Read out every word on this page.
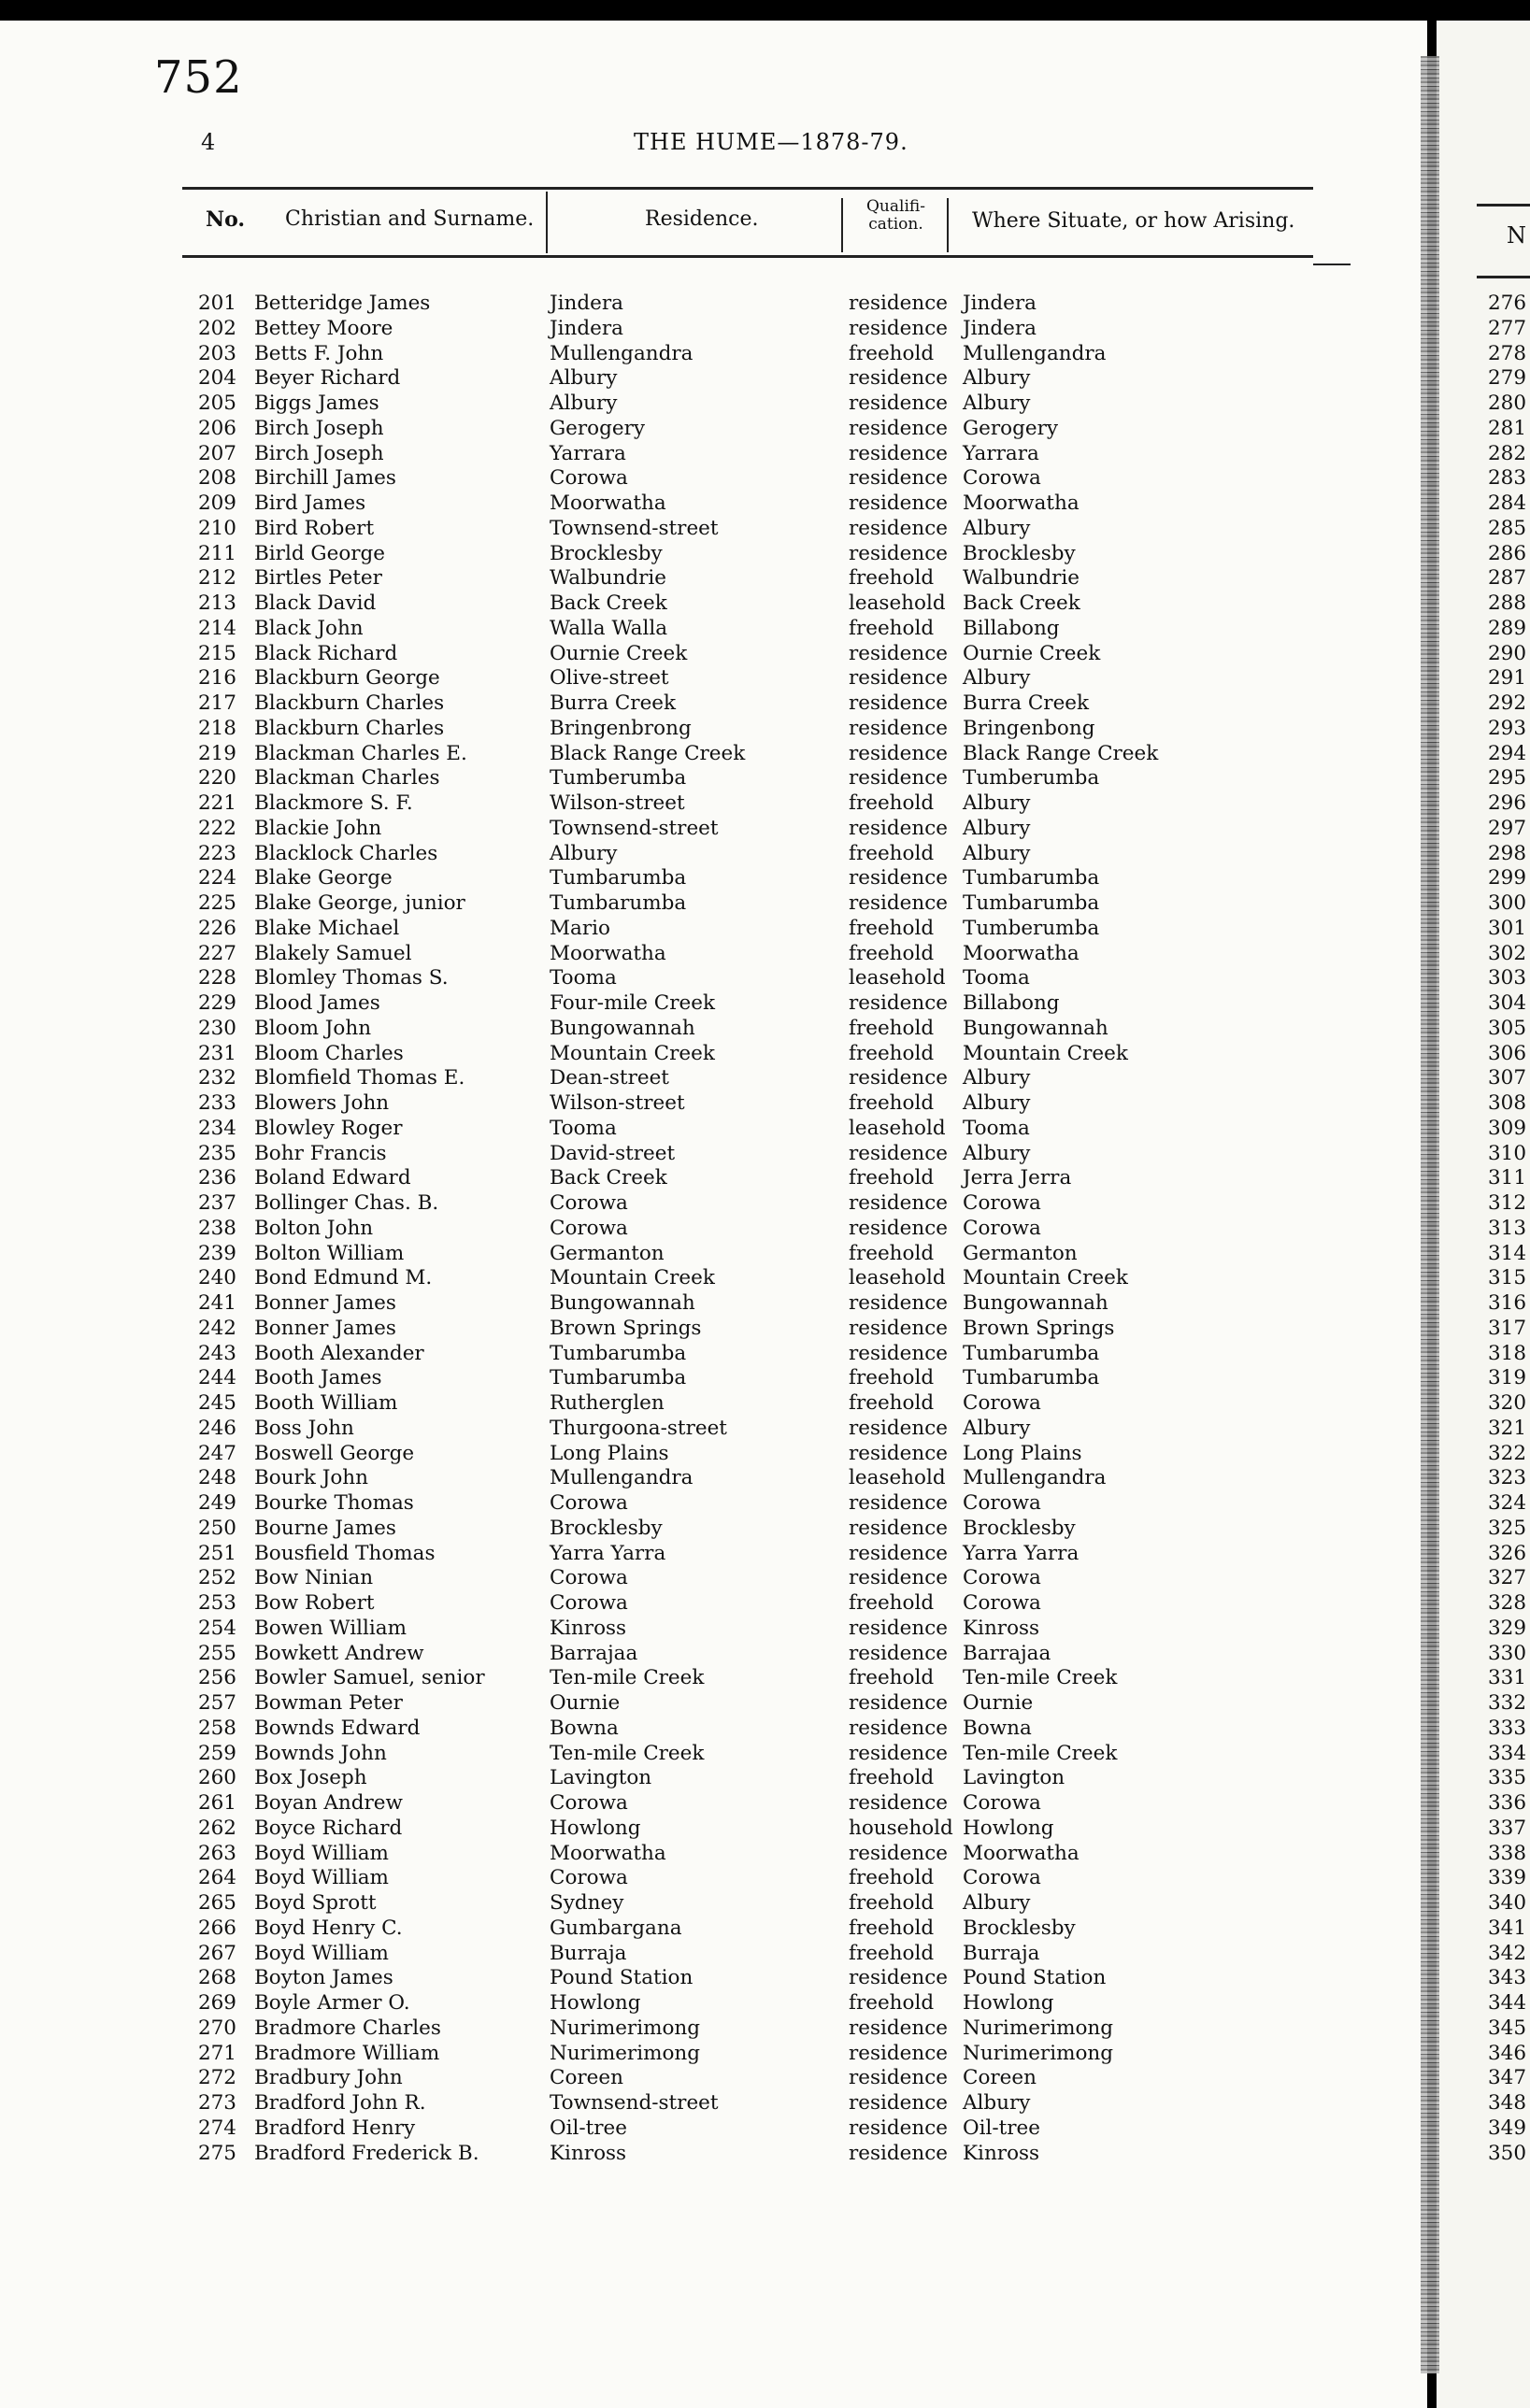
752
4	THE HUME—1878-79.
No. Christian and Surname.	Residence.
Qualifi-
cation.	Where Situate, or how Arising.
N
201 Betteridge James	Jindera	residence Jindera
202 Bettey Moore	Jindera	residence Jindera
203 Betts F. John	Mullengandra	freehold Mullengandra
204 Beyer Richard	Albury	residence Albury
205 Biggs James	Albury	residence Albury
206 Birch Joseph	Gerogery	residence Gerogery
207 Birch Joseph	Yarrara	residence Yarrara
208 Birchill James	Corowa	residence Corowa
209 Bird James	Moorwatha	residence Moorwatha
210 Bird Robert	Townsend-street	residence Albury
211 Birld George	Brocklesby	residence Brocklesby
212 Birtles Peter	Walbundrie	freehold Walbundrie
213 Black David	Back Creek	leasehold Back Creek
214 Black John	Walla Walla	freehold Billabong
215 Black Richard	Ournie Creek	residence Ournie Creek
216 Blackburn George	Olive-street	residence Albury
217 Blackburn Charles	Burra Creek	residence Burra Creek
218 Blackburn Charles	Bringenbrong	residence Bringenbong
219 Blackman Charles E.	Black Range Creek	residence Black Range Creek
220 Blackman Charles	Tumberumba	residence Tumberumba
221 Blackmore S. F.	Wilson-street	freehold Albury
222 Blackie John	Townsend-street	residence Albury
223 Blacklock Charles	Albury	freehold Albury
224 Blake George	Tumbarumba	residence Tumbarumba
225 Blake George, junior	Tumbarumba	residence Tumbarumba
226 Blake Michael	Mario	freehold Tumberumba
227 Blakely Samuel	Moorwatha	freehold Moorwatha
228 Blomley Thomas S.	Tooma	leasehold Tooma
229 Blood James	Four-mile Creek	residence Billabong
230 Bloom John	Bungowannah	freehold Bungowannah
231 Bloom Charles	Mountain Creek	freehold Mountain Creek
232 Blomfield Thomas E.	Dean-street	residence Albury
233 Blowers John	Wilson-street	freehold Albury
234 Blowley Roger	Tooma	leasehold Tooma
235 Bohr Francis	David-street	residence Albury
236 Boland Edward	Back Creek	freehold Jerra Jerra
237 Bollinger Chas. B.	Corowa	residence Corowa
238 Bolton John	Corowa	residence Corowa
239 Bolton William	Germanton	freehold Germanton
240 Bond Edmund M.	Mountain Creek	leasehold Mountain Creek
241 Bonner James	Bungowannah	residence Bungowannah
242 Bonner James	Brown Springs	residence Brown Springs
243 Booth Alexander	Tumbarumba	residence Tumbarumba
244 Booth James	Tumbarumba	freehold Tumbarumba
245 Booth William	Rutherglen	freehold Corowa
246 Boss John	Thurgoona-street	residence Albury
247 Boswell George	Long Plains	residence Long Plains
248 Bourk John	Mullengandra	leasehold Mullengandra
249 Bourke Thomas	Corowa	residence Corowa
250 Bourne James	Brocklesby	residence Brocklesby
251 Bousfield Thomas	Yarra Yarra	residence Yarra Yarra
252 Bow Ninian	Corowa	residence Corowa
253 Bow Robert	Corowa	freehold Corowa
254 Bowen William	Kinross	residence Kinross
255 Bowkett Andrew	Barrajaa	residence Barrajaa
256 Bowler Samuel, senior	Ten-mile Creek	freehold Ten-mile Creek
257 Bowman Peter	Ournie	residence Ournie
258 Bownds Edward	Bowna	residence Bowna
259 Bownds John	Ten-mile Creek	residence Ten-mile Creek
260 Box Joseph	Lavington	freehold Lavington
261 Boyan Andrew	Corowa	residence Corowa
262 Boyce Richard	Howlong	household Howlong
263 Boyd William	Moorwatha	residence Moorwatha
264 Boyd William	Corowa	freehold Corowa
265 Boyd Sprott	Sydney	freehold Albury
266 Boyd Henry C.	Gumbargana	freehold Brocklesby
267 Boyd William	Burraja	freehold Burraja
268 Boyton James	Pound Station	residence Pound Station
269 Boyle Armer O.	Howlong	freehold Howlong
270 Bradmore Charles	Nurimerimong	residence Nurimerimong
271 Bradmore William	Nurimerimong	residence Nurimerimong
272 Bradbury John	Coreen	residence Coreen
273 Bradford John R.	Townsend-street	residence Albury
274 Bradford Henry	Oil-tree	residence Oil-tree
275 Bradford Frederick B.	Kinross	residence Kinross
276
277
278
279
280
281
282
283
284
285
286
287
288
289
290
291
292
293
294
295
296
297
298
299
300
301
302
303
304
305
306
307
308
309
310
311
312
313
314
315
316
317
318
319
320
321
322
323
324
325
326
327
328
329
330
331
332
333
334
335
336
337
338
339
340
341
342
343
344
345
346
347
348
349
350
